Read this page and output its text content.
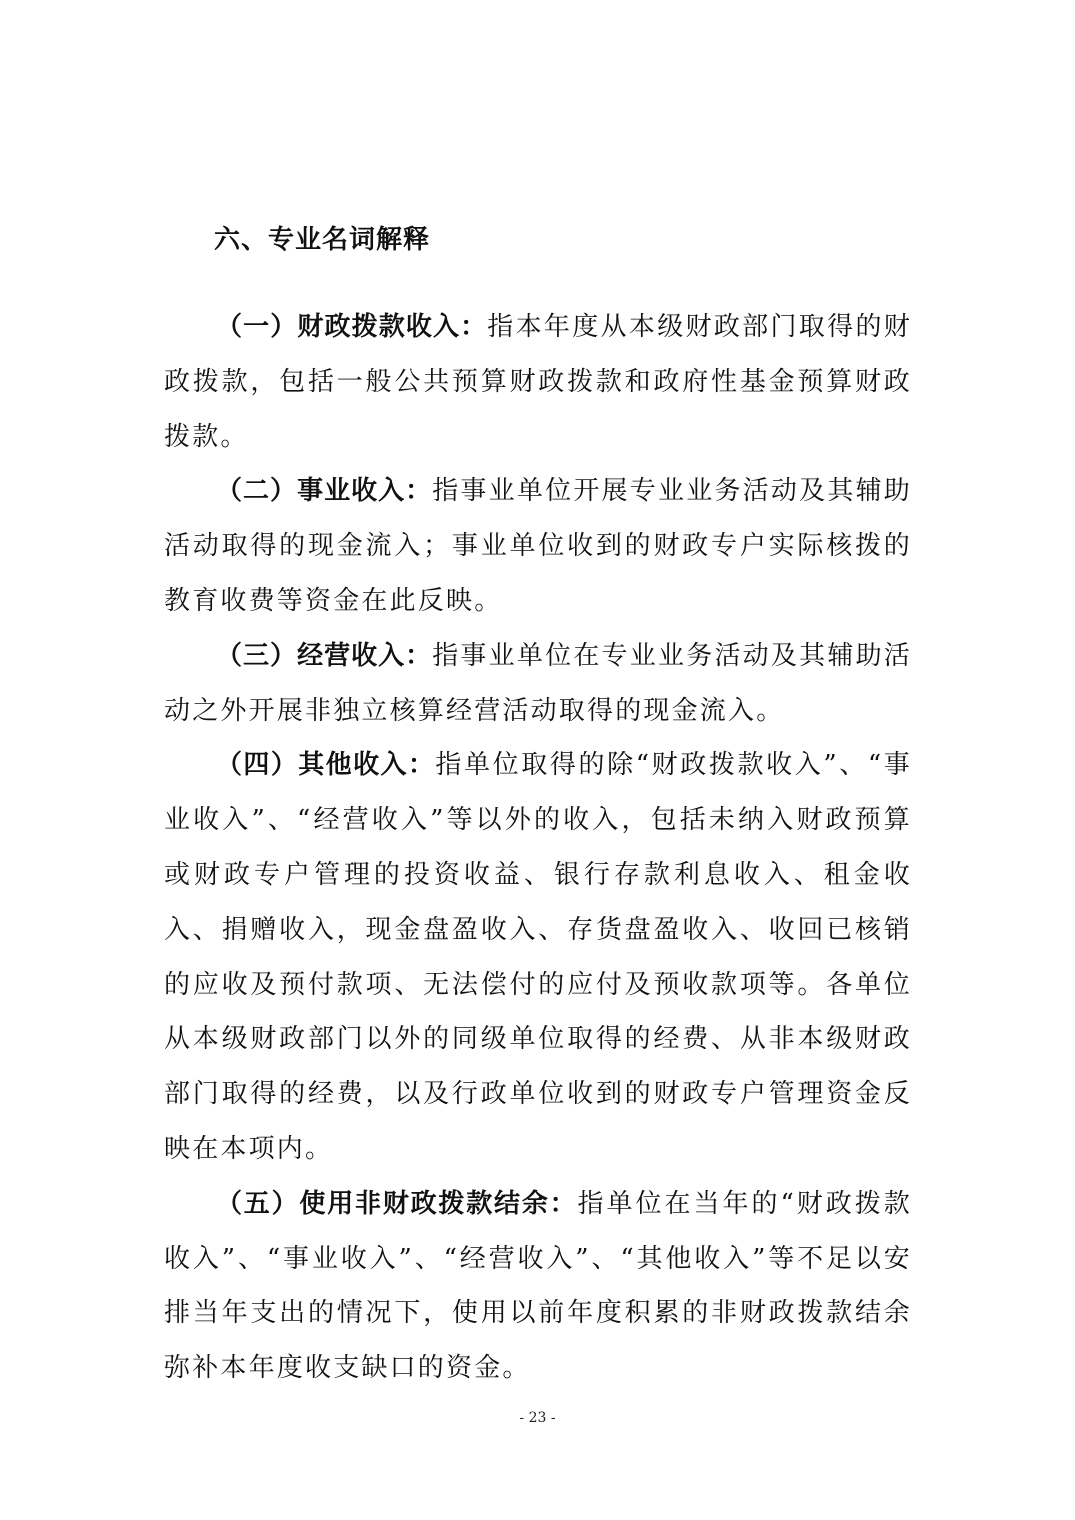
六、专业名词解释

（一）财政拨款收入：指本年度从本级财政部门取得的财政拨款，包括一般公共预算财政拨款和政府性基金预算财政拨款。

（二）事业收入：指事业单位开展专业业务活动及其辅助活动取得的现金流入；事业单位收到的财政专户实际核拨的教育收费等资金在此反映。

（三）经营收入：指事业单位在专业业务活动及其辅助活动之外开展非独立核算经营活动取得的现金流入。

（四）其他收入：指单位取得的除“财政拨款收入”、“事业收入”、“经营收入”等以外的收入，包括未纳入财政预算或财政专户管理的投资收益、银行存款利息收入、租金收入、捐赠收入，现金盘盈收入、存货盘盈收入、收回已核销的应收及预付款项、无法偿付的应付及预收款项等。各单位从本级财政部门以外的同级单位取得的经费、从非本级财政部门取得的经费，以及行政单位收到的财政专户管理资金反映在本项内。

（五）使用非财政拨款结余：指单位在当年的“财政拨款收入”、“事业收入”、“经营收入”、“其他收入”等不足以安排当年支出的情况下，使用以前年度积累的非财政拨款结余弥补本年度收支缺口的资金。

- 23 -
